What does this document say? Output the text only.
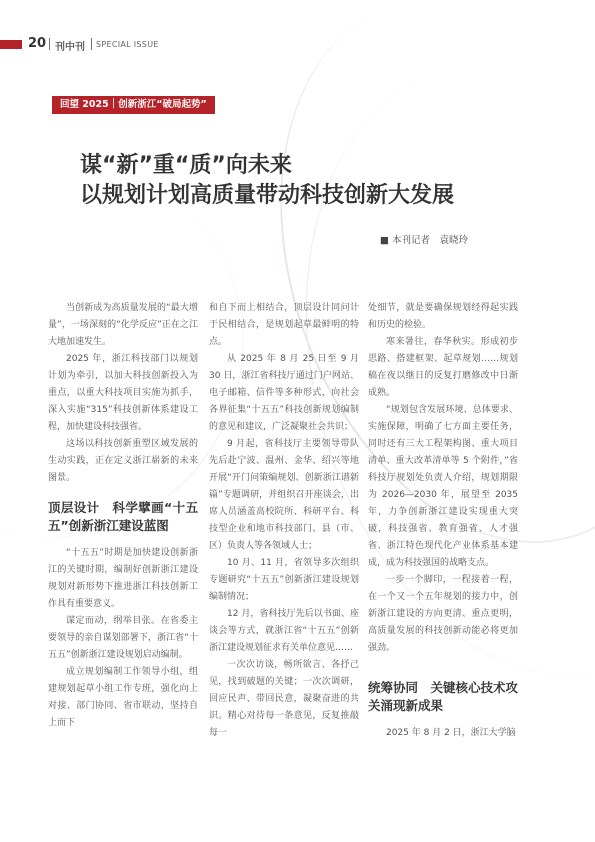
20 刊中刊 SPECIAL ISSUE
回望 2025｜创新浙江“破局起势”
谋“新”重“质”向未来
以规划计划高质量带动科技创新大发展
■ 本刊记者　袁晓玲

当创新成为高质量发展的“最大增量”，一场深刻的“化学反应”正在之江大地加速发生。

2025 年，浙江科技部门以规划计划为牵引，以加大科技创新投入为重点，以重大科技项目实施为抓手，深入实施“315”科技创新体系建设工程，加快建设科技强省。

这场以科技创新重塑区域发展的生动实践，正在定义浙江崭新的未来图景。

顶层设计　科学擘画“十五五”创新浙江建设蓝图

“十五五”时期是加快建设创新浙江的关键时期，编制好创新浙江建设规划对新形势下推进浙江科技创新工作具有重要意义。

谋定而动，纲举目张。在省委主要领导的亲自谋划部署下，浙江省“十五五”创新浙江建设规划启动编制。

成立规划编制工作领导小组，组建规划起草小组工作专班，强化向上对接、部门协同、省市联动，坚持自上而下

和自下而上相结合，顶层设计同问计于民相结合，是规划起草最鲜明的特点。

从 2025 年 8 月 25 日至 9 月 30 日，浙江省科技厅通过门户网站、电子邮箱、信件等多种形式，向社会各界征集“十五五”科技创新规划编制的意见和建议，广泛凝聚社会共识；

9 月起，省科技厅主要领导带队先后赴宁波、温州、金华、绍兴等地开展“开门问策编规划、创新浙江谱新篇”专题调研，并组织召开座谈会，出席人员涵盖高校院所、科研平台、科技型企业和地市科技部门、县（市、区）负责人等各领域人士；

10 月、11 月，省领导多次组织专题研究“十五五”创新浙江建设规划编制情况；

12 月，省科技厅先后以书面、座谈会等方式，就浙江省“十五五”创新浙江建设规划征求有关单位意见……

一次次访谈，畅所欲言、各抒己见，找到破题的关键；一次次调研，回应民声、带回民意，凝聚奋进的共识。精心对待每一条意见，反复推敲每一

处细节，就是要确保规划经得起实践和历史的检验。

寒来暑往，春华秋实。形成初步思路、搭建框架、起草规划……规划稿在夜以继日的反复打磨修改中日渐成熟。

“规划包含发展环境、总体要求、实施保障，明确了七方面主要任务，同时还有三大工程架构图、重大项目清单、重大改革清单等 5 个附件，”省科技厅规划处负责人介绍，规划期限为 2026—2030 年，展望至 2035 年，力争创新浙江建设实现重大突破，科技强省、教育强省、人才强省、浙江特色现代化产业体系基本建成，成为科技强国的战略支点。

一步一个脚印，一程接着一程，在一个又一个五年规划的接力中，创新浙江建设的方向更清、重点更明，高质量发展的科技创新动能必将更加强劲。

统筹协同　关键核心技术攻关涌现新成果

2025 年 8 月 2 日，浙江大学脑
